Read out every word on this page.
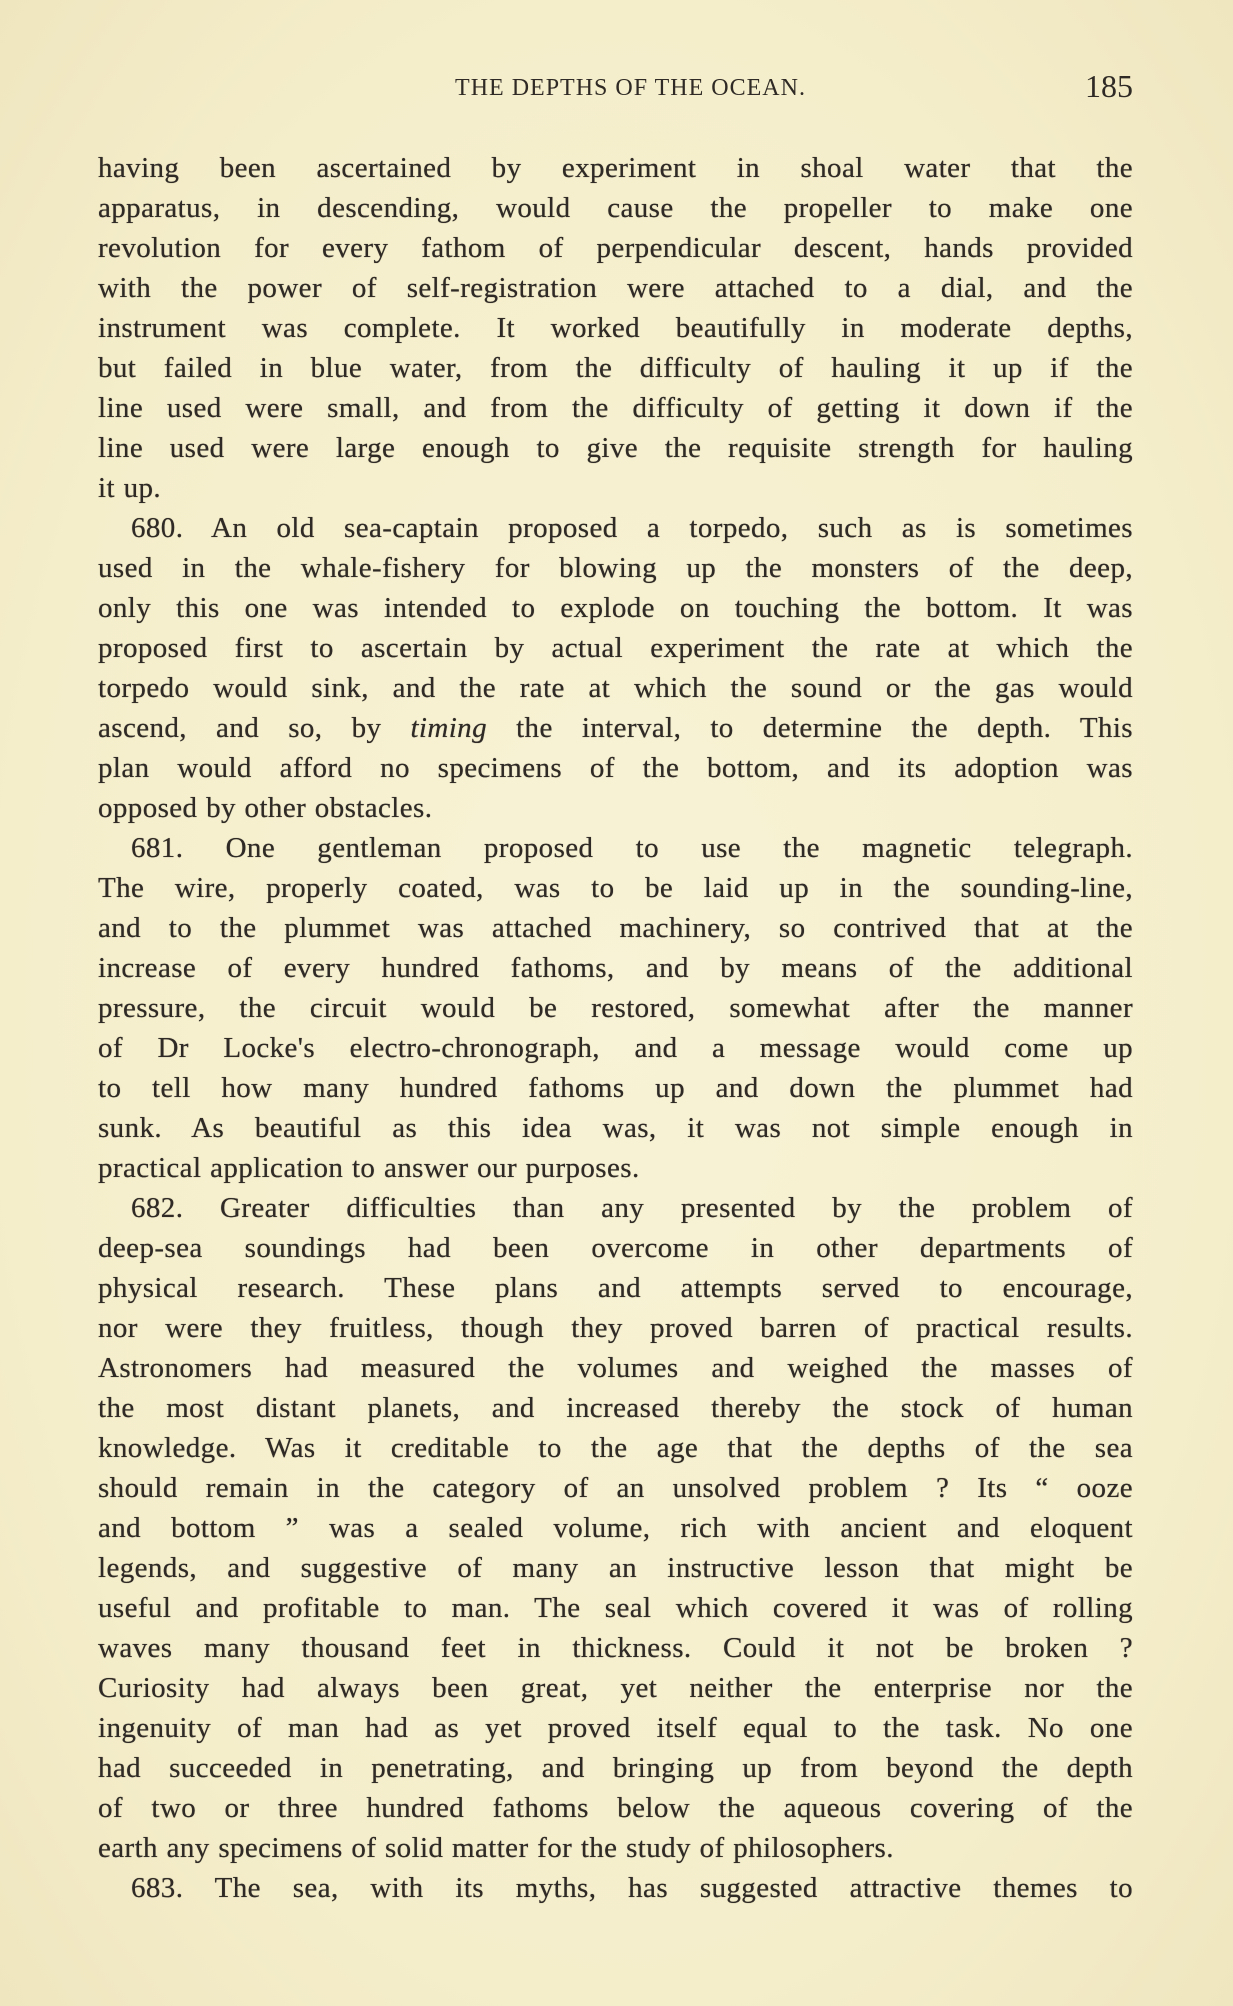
THE DEPTHS OF THE OCEAN.	185
having been ascertained by experiment in shoal water that the
apparatus, in descending, would cause the propeller to make one
revolution for every fathom of perpendicular descent, hands provided
with the power of self-registration were attached to a dial, and the
instrument was complete. It worked beautifully in moderate depths,
but failed in blue water, from the difficulty of hauling it up if the
line used were small, and from the difficulty of getting it down if the
line used were large enough to give the requisite strength for hauling
it up.
680. An old sea-captain proposed a torpedo, such as is sometimes
used in the whale-fishery for blowing up the monsters of the deep,
only this one was intended to explode on touching the bottom. It was
proposed first to ascertain by actual experiment the rate at which the
torpedo would sink, and the rate at which the sound or the gas would
ascend, and so, by timing the interval, to determine the depth. This
plan would afford no specimens of the bottom, and its adoption was
opposed by other obstacles.
681. One gentleman proposed to use the magnetic telegraph.
The wire, properly coated, was to be laid up in the sounding-line,
and to the plummet was attached machinery, so contrived that at the
increase of every hundred fathoms, and by means of the additional
pressure, the circuit would be restored, somewhat after the manner
of Dr Locke's electro-chronograph, and a message would come up
to tell how many hundred fathoms up and down the plummet had
sunk. As beautiful as this idea was, it was not simple enough in
practical application to answer our purposes.
682. Greater difficulties than any presented by the problem of
deep-sea soundings had been overcome in other departments of
physical research. These plans and attempts served to encourage,
nor were they fruitless, though they proved barren of practical results.
Astronomers had measured the volumes and weighed the masses of
the most distant planets, and increased thereby the stock of human
knowledge. Was it creditable to the age that the depths of the sea
should remain in the category of an unsolved problem ? Its “ ooze
and bottom ” was a sealed volume, rich with ancient and eloquent
legends, and suggestive of many an instructive lesson that might be
useful and profitable to man. The seal which covered it was of rolling
waves many thousand feet in thickness. Could it not be broken ?
Curiosity had always been great, yet neither the enterprise nor the
ingenuity of man had as yet proved itself equal to the task. No one
had succeeded in penetrating, and bringing up from beyond the depth
of two or three hundred fathoms below the aqueous covering of the
earth any specimens of solid matter for the study of philosophers.
683. The sea, with its myths, has suggested attractive themes to
